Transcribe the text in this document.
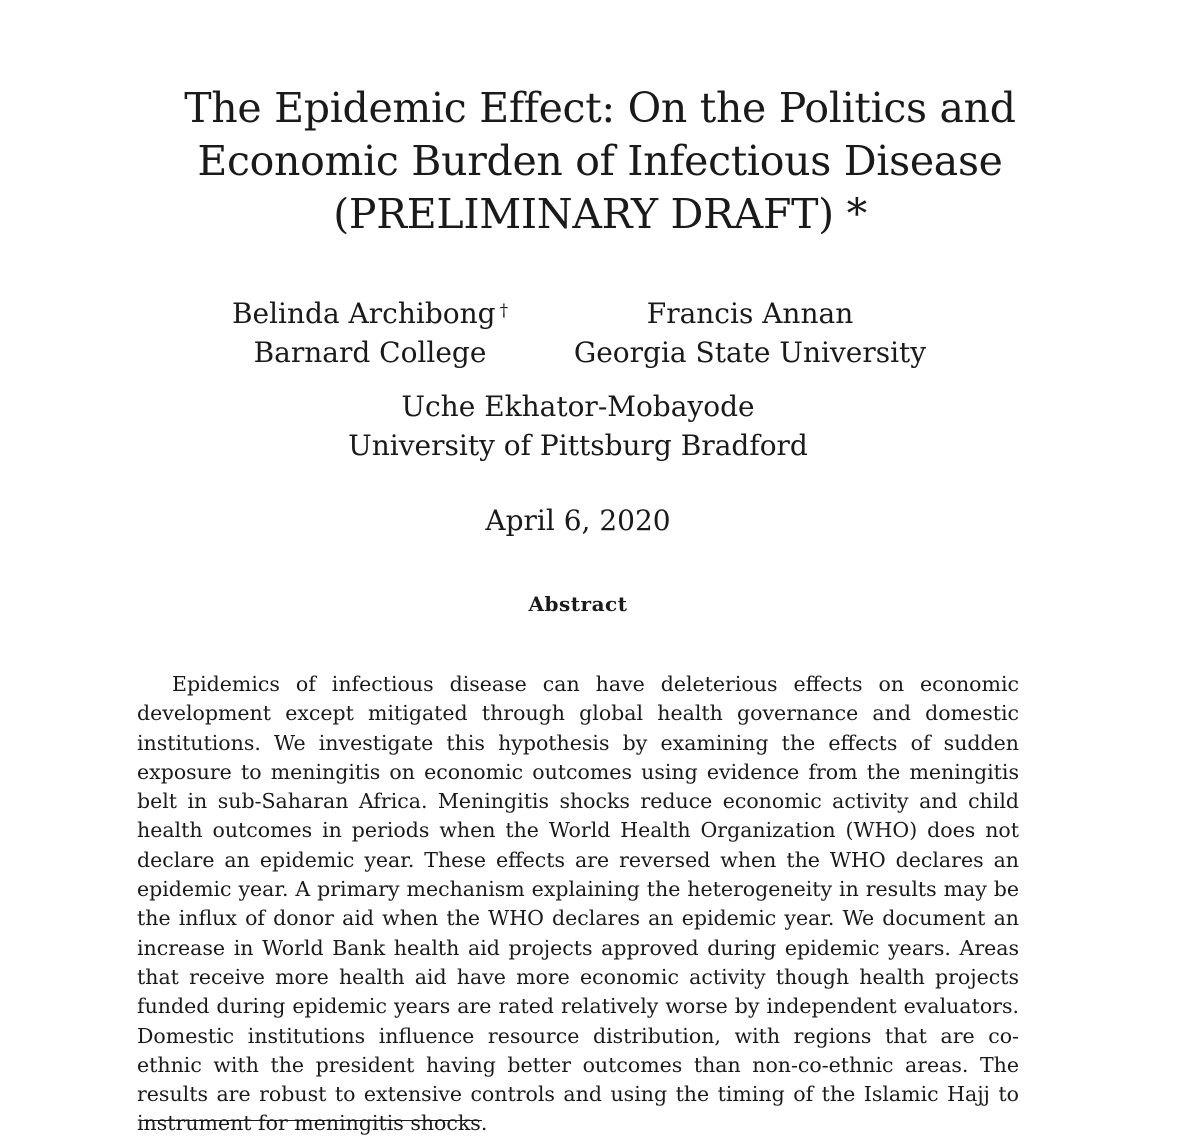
The Epidemic Effect: On the Politics and Economic Burden of Infectious Disease (PRELIMINARY DRAFT) *
Belinda Archibong †
Barnard College
Francis Annan
Georgia State University
Uche Ekhator-Mobayode
University of Pittsburg Bradford
April 6, 2020
Abstract

Epidemics of infectious disease can have deleterious effects on economic development except mitigated through global health governance and domestic institutions. We investigate this hypothesis by examining the effects of sudden exposure to meningitis on economic outcomes using evidence from the meningitis belt in sub-Saharan Africa. Meningitis shocks reduce economic activity and child health outcomes in periods when the World Health Organization (WHO) does not declare an epidemic year. These effects are reversed when the WHO declares an epidemic year. A primary mechanism explaining the heterogeneity in results may be the influx of donor aid when the WHO declares an epidemic year. We document an increase in World Bank health aid projects approved during epidemic years. Areas that receive more health aid have more economic activity though health projects funded during epidemic years are rated relatively worse by independent evaluators. Domestic institutions influence resource distribution, with regions that are co-ethnic with the president having better outcomes than non-co-ethnic areas. The results are robust to extensive controls and using the timing of the Islamic Hajj to instrument for meningitis shocks.
